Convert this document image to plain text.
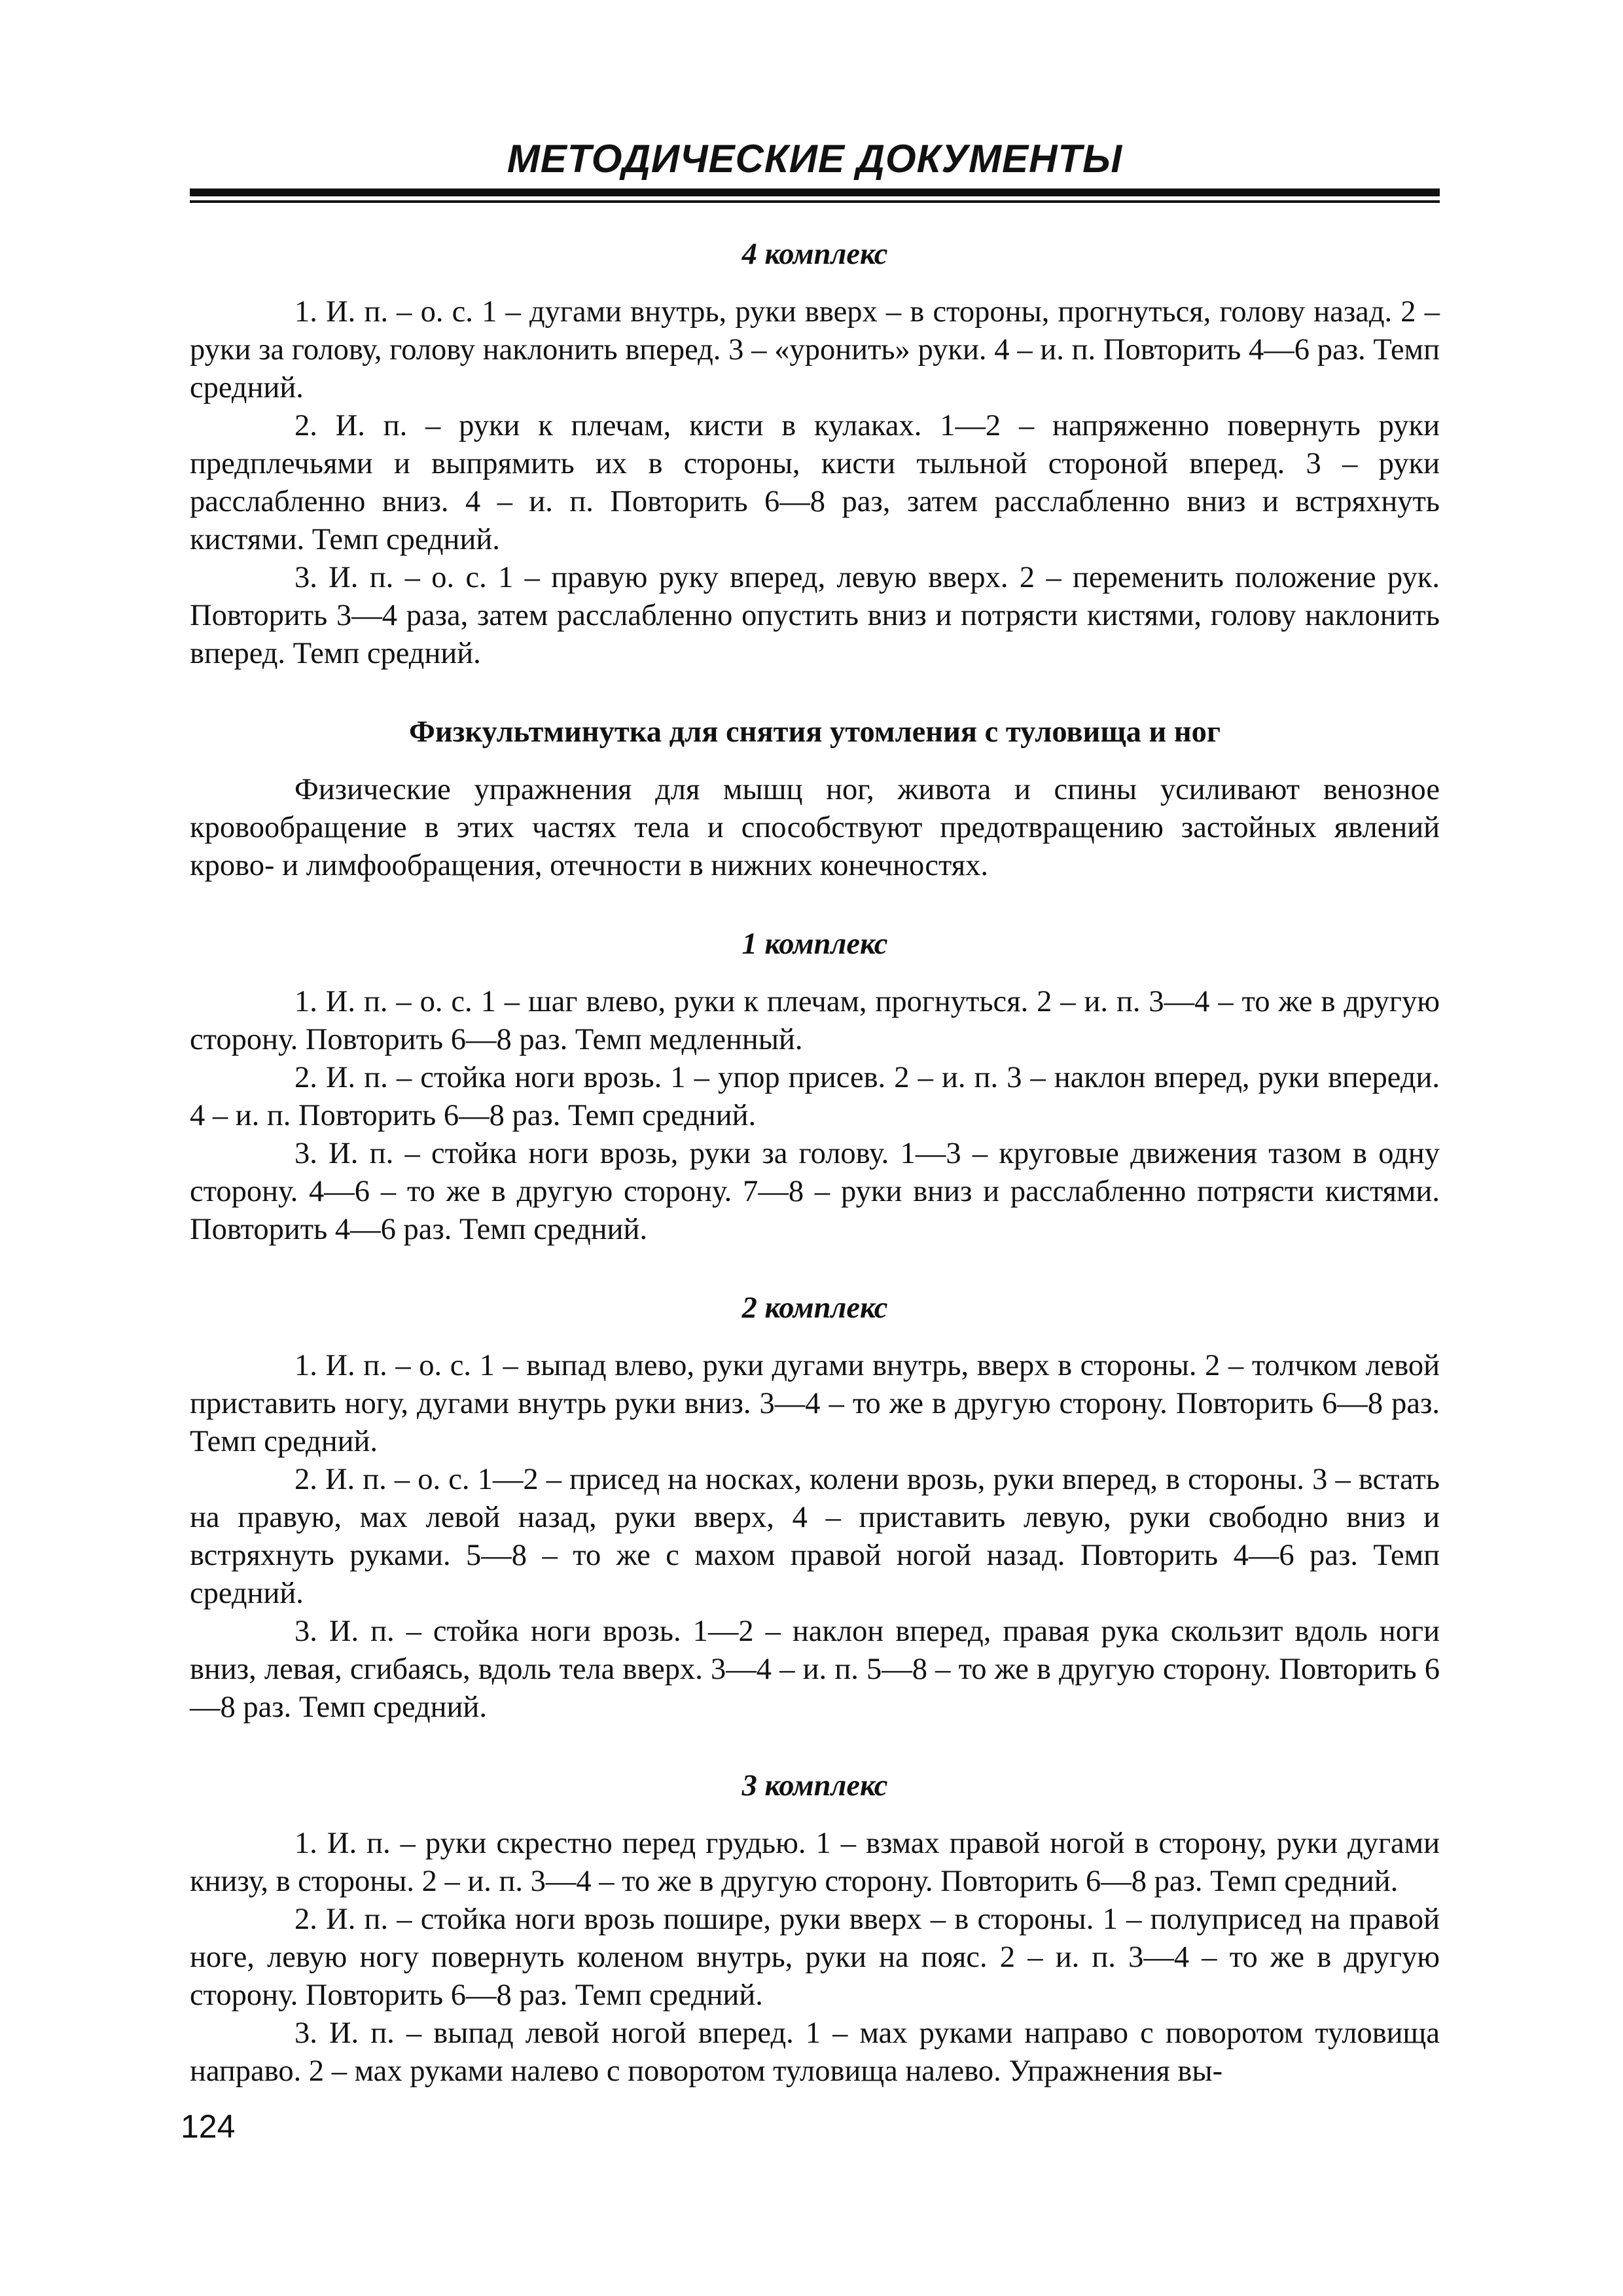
МЕТОДИЧЕСКИЕ ДОКУМЕНТЫ

4 комплекс

1. И. п. – о. с. 1 – дугами внутрь, руки вверх – в стороны, прогнуться, голову назад. 2 – руки за голову, голову наклонить вперед. 3 – «уронить» руки. 4 – и. п. Повторить 4—6 раз. Темп средний.

2. И. п. – руки к плечам, кисти в кулаках. 1—2 – напряженно повернуть руки предплечьями и выпрямить их в стороны, кисти тыльной стороной вперед. 3 – руки расслабленно вниз. 4 – и. п. Повторить 6—8 раз, затем расслабленно вниз и встряхнуть кистями. Темп средний.

3. И. п. – о. с. 1 – правую руку вперед, левую вверх. 2 – переменить положение рук. Повторить 3—4 раза, затем расслабленно опустить вниз и потрясти кистями, голову наклонить вперед. Темп средний.

Физкультминутка для снятия утомления с туловища и ног

Физические упражнения для мышц ног, живота и спины усиливают венозное кровообращение в этих частях тела и способствуют предотвращению застойных явлений крово- и лимфообращения, отечности в нижних конечностях.

1 комплекс

1. И. п. – о. с. 1 – шаг влево, руки к плечам, прогнуться. 2 – и. п. 3—4 – то же в другую сторону. Повторить 6—8 раз. Темп медленный.

2. И. п. – стойка ноги врозь. 1 – упор присев. 2 – и. п. 3 – наклон вперед, руки впереди. 4 – и. п. Повторить 6—8 раз. Темп средний.

3. И. п. – стойка ноги врозь, руки за голову. 1—3 – круговые движения тазом в одну сторону. 4—6 – то же в другую сторону. 7—8 – руки вниз и расслабленно потрясти кистями. Повторить 4—6 раз. Темп средний.

2 комплекс

1. И. п. – о. с. 1 – выпад влево, руки дугами внутрь, вверх в стороны. 2 – толчком левой приставить ногу, дугами внутрь руки вниз. 3—4 – то же в другую сторону. Повторить 6—8 раз. Темп средний.

2. И. п. – о. с. 1—2 – присед на носках, колени врозь, руки вперед, в стороны. 3 – встать на правую, мах левой назад, руки вверх, 4 – приставить левую, руки свободно вниз и встряхнуть руками. 5—8 – то же с махом правой ногой назад. Повторить 4—6 раз. Темп средний.

3. И. п. – стойка ноги врозь. 1—2 – наклон вперед, правая рука скользит вдоль ноги вниз, левая, сгибаясь, вдоль тела вверх. 3—4 – и. п. 5—8 – то же в другую сторону. Повторить 6—8 раз. Темп средний.

3 комплекс

1. И. п. – руки скрестно перед грудью. 1 – взмах правой ногой в сторону, руки дугами книзу, в стороны. 2 – и. п. 3—4 – то же в другую сторону. Повторить 6—8 раз. Темп средний.

2. И. п. – стойка ноги врозь пошире, руки вверх – в стороны. 1 – полуприсед на правой ноге, левую ногу повернуть коленом внутрь, руки на пояс. 2 – и. п. 3—4 – то же в другую сторону. Повторить 6—8 раз. Темп средний.

3. И. п. – выпад левой ногой вперед. 1 – мах руками направо с поворотом туловища направо. 2 – мах руками налево с поворотом туловища налево. Упражнения вы-

124
